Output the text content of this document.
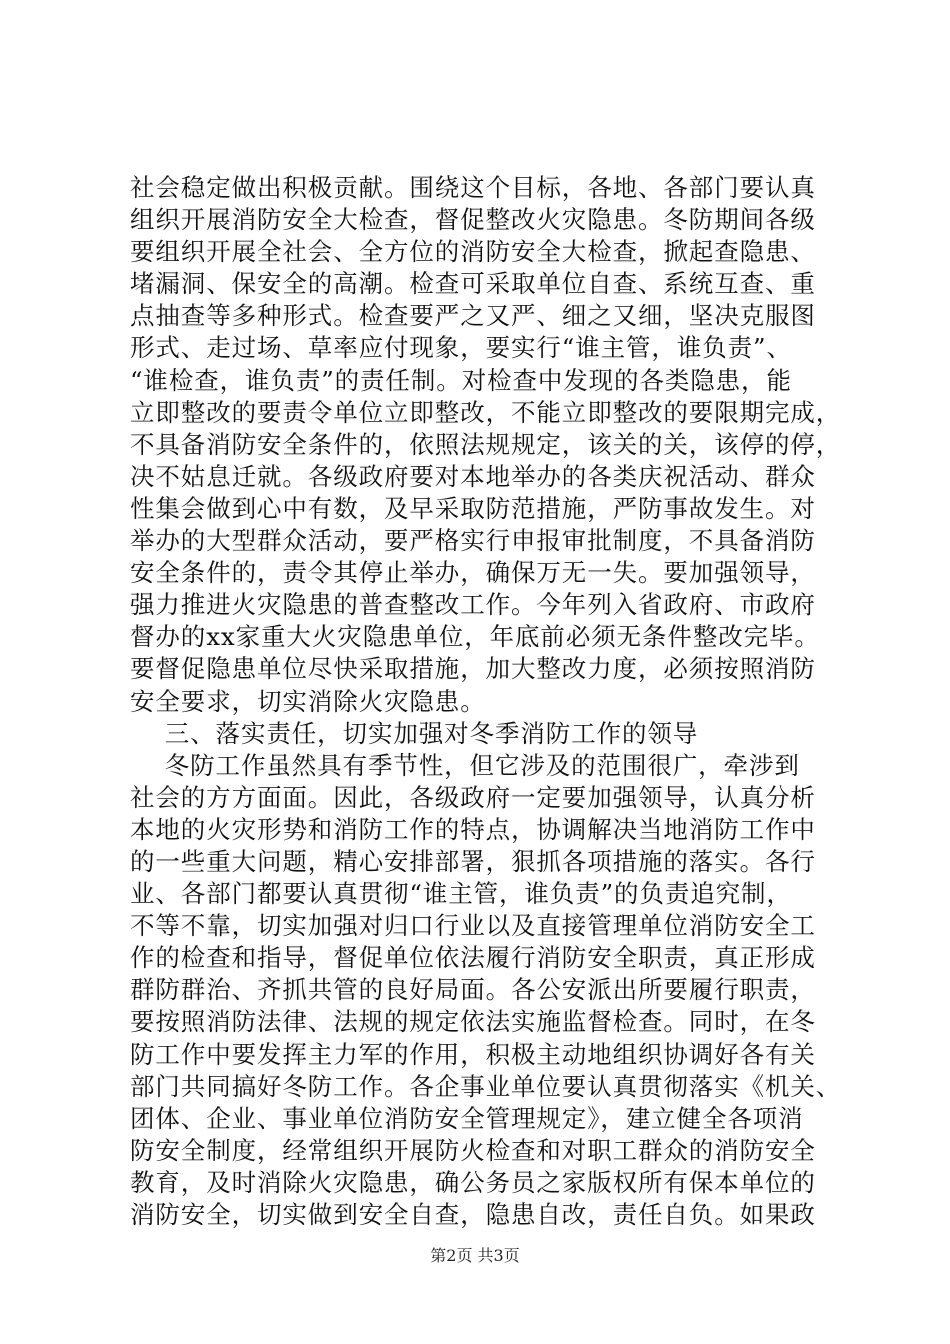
社会稳定做出积极贡献。围绕这个目标，各地、各部门要认真
组织开展消防安全大检查，督促整改火灾隐患。冬防期间各级
要组织开展全社会、全方位的消防安全大检查，掀起查隐患、
堵漏洞、保安全的高潮。检查可采取单位自查、系统互查、重
点抽查等多种形式。检查要严之又严、细之又细，坚决克服图
形式、走过场、草率应付现象，要实行“谁主管，谁负责”、
“谁检查，谁负责”的责任制。对检查中发现的各类隐患，能
立即整改的要责令单位立即整改，不能立即整改的要限期完成，
不具备消防安全条件的，依照法规规定，该关的关，该停的停，
决不姑息迁就。各级政府要对本地举办的各类庆祝活动、群众
性集会做到心中有数，及早采取防范措施，严防事故发生。对
举办的大型群众活动，要严格实行申报审批制度，不具备消防
安全条件的，责令其停止举办，确保万无一失。要加强领导，
强力推进火灾隐患的普查整改工作。今年列入省政府、市政府
督办的xx家重大火灾隐患单位，年底前必须无条件整改完毕。
要督促隐患单位尽快采取措施，加大整改力度，必须按照消防
安全要求，切实消除火灾隐患。
三、落实责任，切实加强对冬季消防工作的领导
冬防工作虽然具有季节性，但它涉及的范围很广，牵涉到
社会的方方面面。因此，各级政府一定要加强领导，认真分析
本地的火灾形势和消防工作的特点，协调解决当地消防工作中
的一些重大问题，精心安排部署，狠抓各项措施的落实。各行
业、各部门都要认真贯彻“谁主管，谁负责”的负责追究制，
不等不靠，切实加强对归口行业以及直接管理单位消防安全工
作的检查和指导，督促单位依法履行消防安全职责，真正形成
群防群治、齐抓共管的良好局面。各公安派出所要履行职责，
要按照消防法律、法规的规定依法实施监督检查。同时，在冬
防工作中要发挥主力军的作用，积极主动地组织协调好各有关
部门共同搞好冬防工作。各企事业单位要认真贯彻落实《机关、
团体、企业、事业单位消防安全管理规定》，建立健全各项消
防安全制度，经常组织开展防火检查和对职工群众的消防安全
教育，及时消除火灾隐患，确公务员之家版权所有保本单位的
消防安全，切实做到安全自查，隐患自改，责任自负。如果政
第2页 共3页
